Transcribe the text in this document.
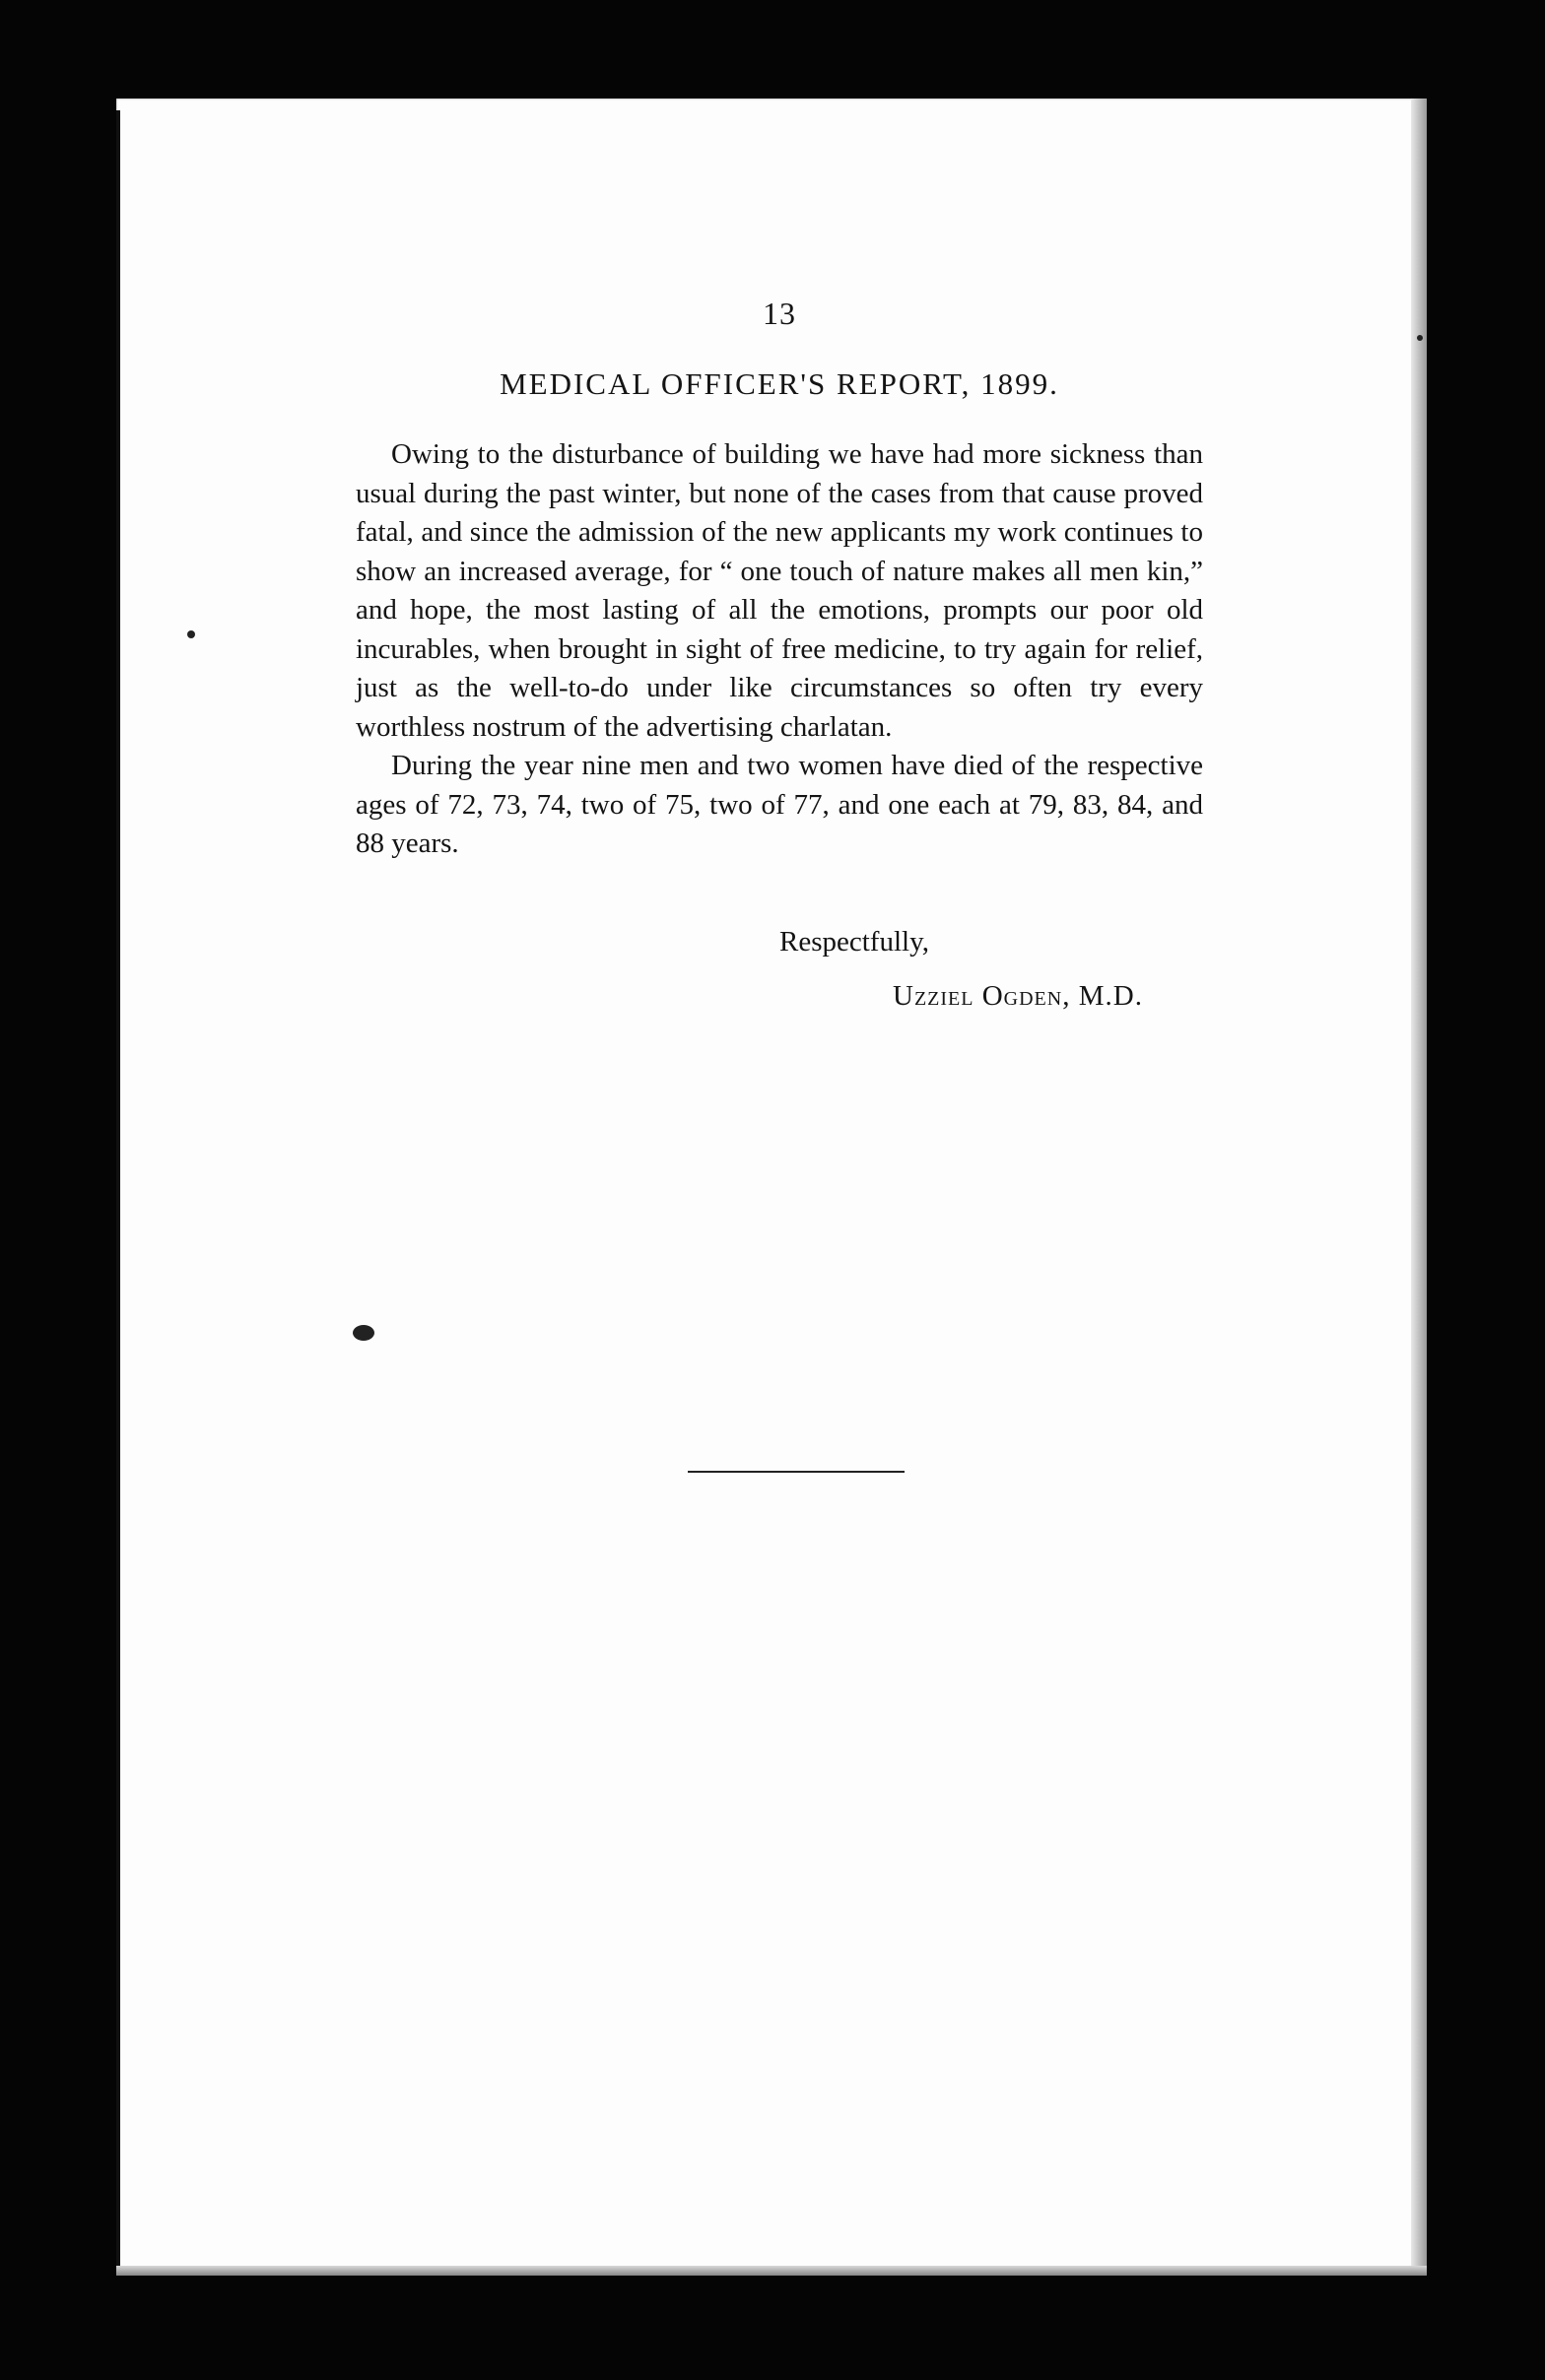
13
MEDICAL OFFICER'S REPORT, 1899.

Owing to the disturbance of building we have had more sickness than usual during the past winter, but none of the cases from that cause proved fatal, and since the admission of the new applicants my work continues to show an increased average, for “ one touch of nature makes all men kin,” and hope, the most lasting of all the emotions, prompts our poor old incurables, when brought in sight of free medicine, to try again for relief, just as the well-to-do under like circumstances so often try every worthless nostrum of the advertising charlatan.

During the year nine men and two women have died of the respective ages of 72, 73, 74, two of 75, two of 77, and one each at 79, 83, 84, and 88 years.

Respectfully,
Uzziel Ogden, M.D.
